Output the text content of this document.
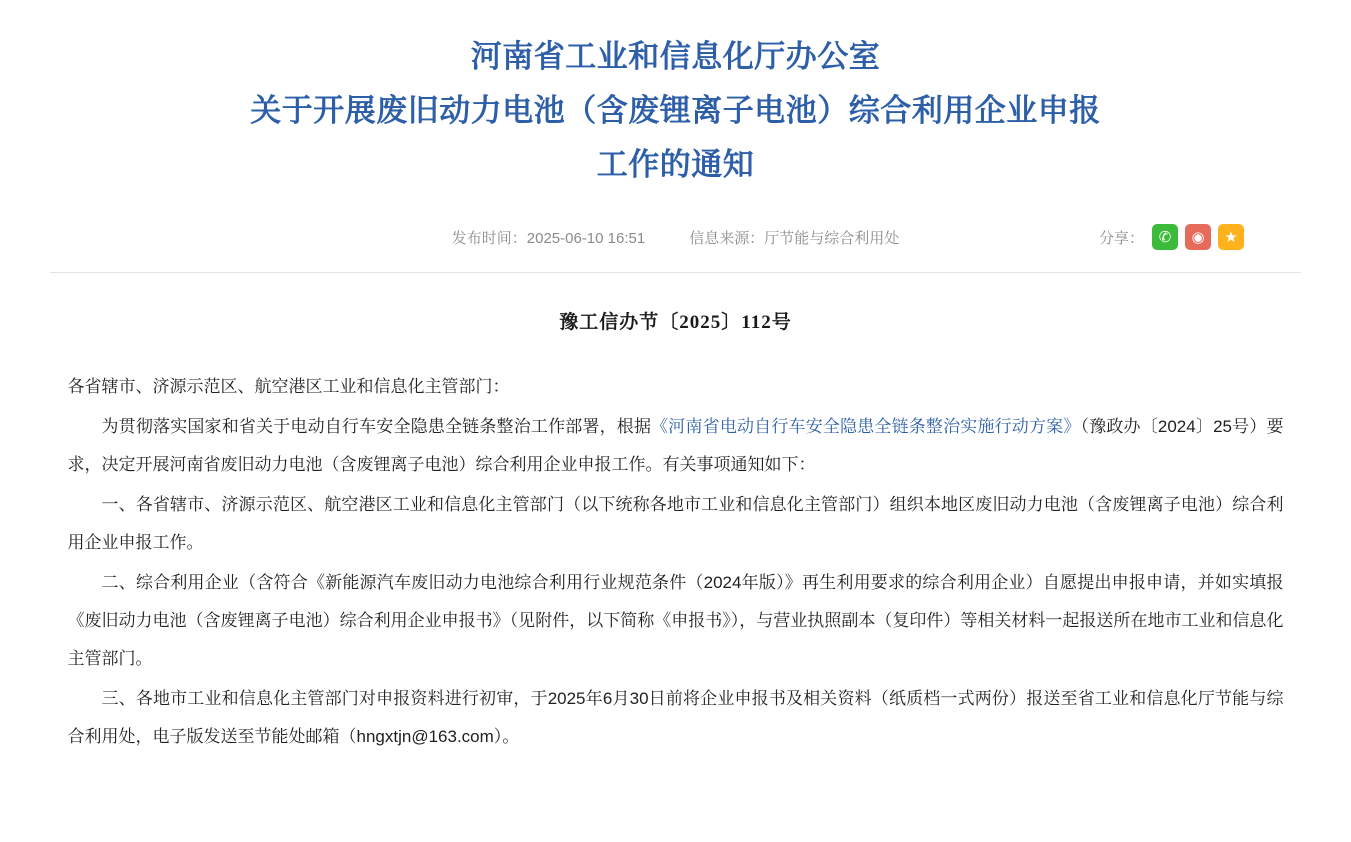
河南省工业和信息化厅办公室
关于开展废旧动力电池（含废锂离子电池）综合利用企业申报
工作的通知
发布时间：2025-06-10 16:51	信息来源：厅节能与综合利用处	分享： ✆	◉	★
豫工信办节〔2025〕112号

各省辖市、济源示范区、航空港区工业和信息化主管部门：

为贯彻落实国家和省关于电动自行车安全隐患全链条整治工作部署，根据《河南省电动自行车安全隐患全链条整治实施行动方案》（豫政办〔2024〕25号）要求，决定开展河南省废旧动力电池（含废锂离子电池）综合利用企业申报工作。有关事项通知如下：

一、各省辖市、济源示范区、航空港区工业和信息化主管部门（以下统称各地市工业和信息化主管部门）组织本地区废旧动力电池（含废锂离子电池）综合利用企业申报工作。

二、综合利用企业（含符合《新能源汽车废旧动力电池综合利用行业规范条件（2024年版）》再生利用要求的综合利用企业）自愿提出申报申请，并如实填报《废旧动力电池（含废锂离子电池）综合利用企业申报书》（见附件，以下简称《申报书》），与营业执照副本（复印件）等相关材料一起报送所在地市工业和信息化主管部门。

三、各地市工业和信息化主管部门对申报资料进行初审，于2025年6月30日前将企业申报书及相关资料（纸质档一式两份）报送至省工业和信息化厅节能与综合利用处，电子版发送至节能处邮箱（hngxtjn@163.com）。
